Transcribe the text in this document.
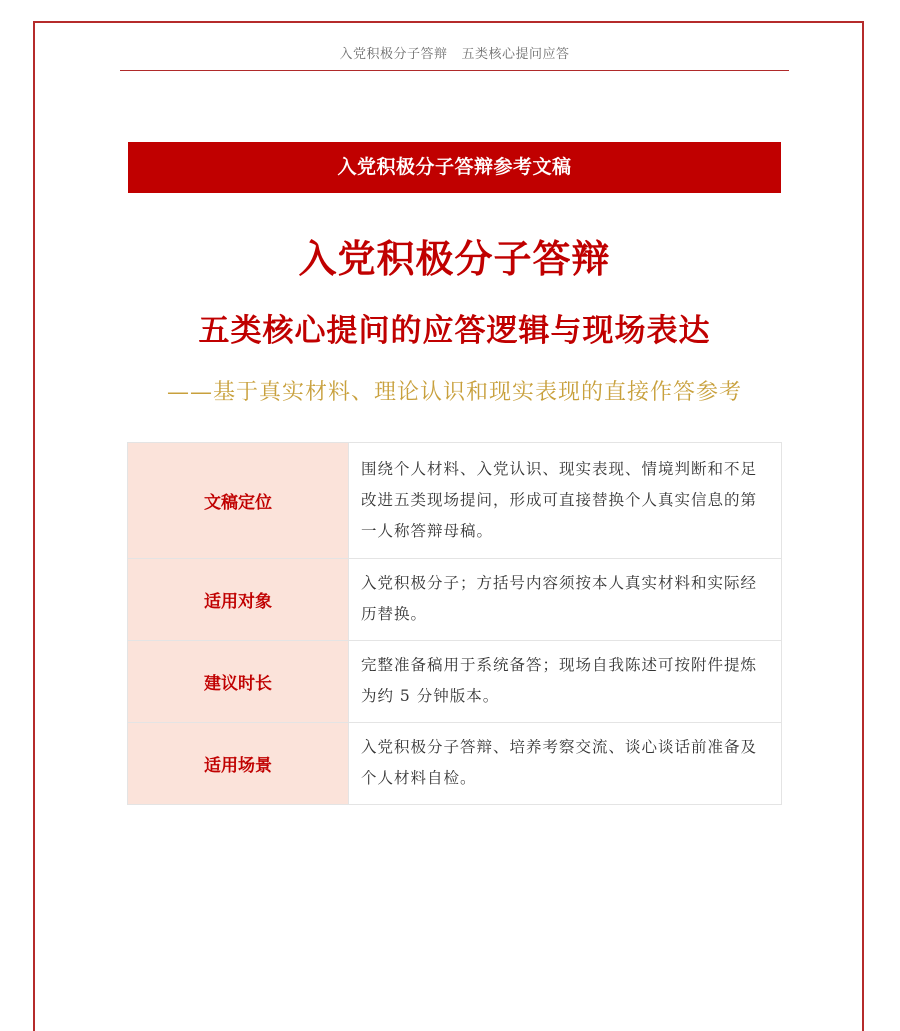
入党积极分子答辩 五类核心提问应答
入党积极分子答辩参考文稿
入党积极分子答辩
五类核心提问的应答逻辑与现场表达
——基于真实材料、理论认识和现实表现的直接作答参考
文稿定位	围绕个人材料、入党认识、现实表现、情境判断和不足改进五类现场提问，形成可直接替换个人真实信息的第一人称答辩母稿。
适用对象	入党积极分子；方括号内容须按本人真实材料和实际经历替换。
建议时长	完整准备稿用于系统备答；现场自我陈述可按附件提炼为约 5 分钟版本。
适用场景	入党积极分子答辩、培养考察交流、谈心谈话前准备及个人材料自检。
